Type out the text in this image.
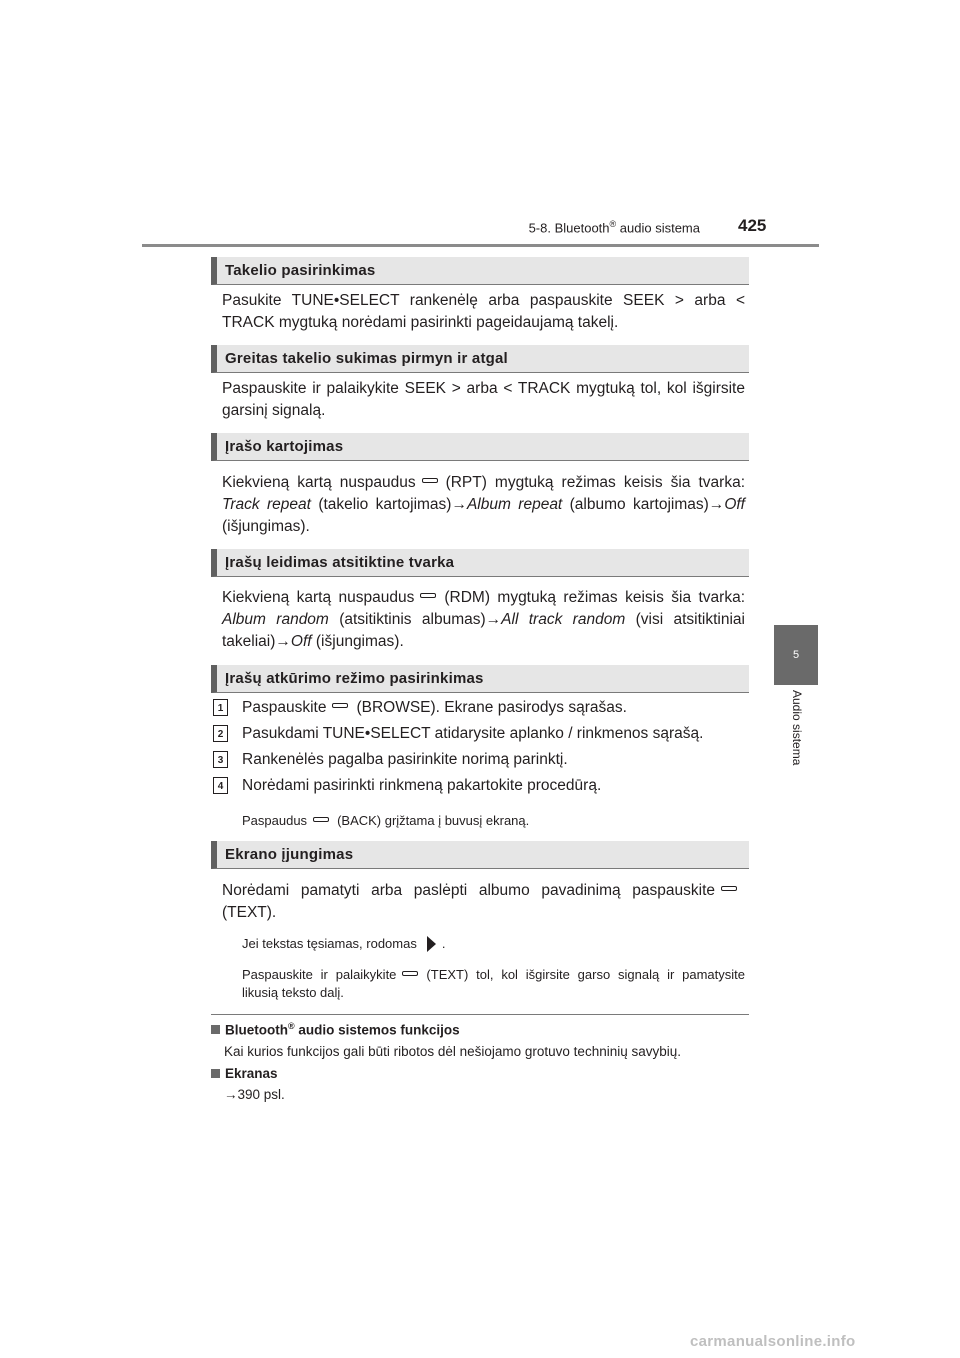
5-8. Bluetooth® audio sistema 425
5
Audio sistema
Takelio pasirinkimas
Pasukite TUNE•SELECT rankenėlę arba paspauskite SEEK > arba < TRACK mygtuką norėdami pasirinkti pageidaujamą takelį.
Greitas takelio sukimas pirmyn ir atgal
Paspauskite ir palaikykite SEEK > arba < TRACK mygtuką tol, kol išgirsite garsinį signalą.
Įrašo kartojimas
Kiekvieną kartą nuspaudus (RPT) mygtuką režimas keisis šia tvarka: Track repeat (takelio kartojimas)→Album repeat (albumo kartojimas)→Off (išjungimas).
Įrašų leidimas atsitiktine tvarka
Kiekvieną kartą nuspaudus (RDM) mygtuką režimas keisis šia tvarka: Album random (atsitiktinis albumas)→All track random (visi atsitiktiniai takeliai)→Off (išjungimas).
Įrašų atkūrimo režimo pasirinkimas
1	Paspauskite (BROWSE). Ekrane pasirodys sąrašas.
2	Pasukdami TUNE•SELECT atidarysite aplanko / rinkmenos sąrašą.
3	Rankenėlės pagalba pasirinkite norimą parinktį.
4	Norėdami pasirinkti rinkmeną pakartokite procedūrą.
Paspaudus (BACK) grįžtama į buvusį ekraną.
Ekrano įjungimas
Norėdami pamatyti arba paslėpti albumo pavadinimą paspauskite (TEXT).
Jei tekstas tęsiamas, rodomas .
Paspauskite ir palaikykite (TEXT) tol, kol išgirsite garso signalą ir pamatysite likusią teksto dalį.
Bluetooth® audio sistemos funkcijos
Kai kurios funkcijos gali būti ribotos dėl nešiojamo grotuvo techninių savybių.
Ekranas
→390 psl.
carmanualsonline.info
